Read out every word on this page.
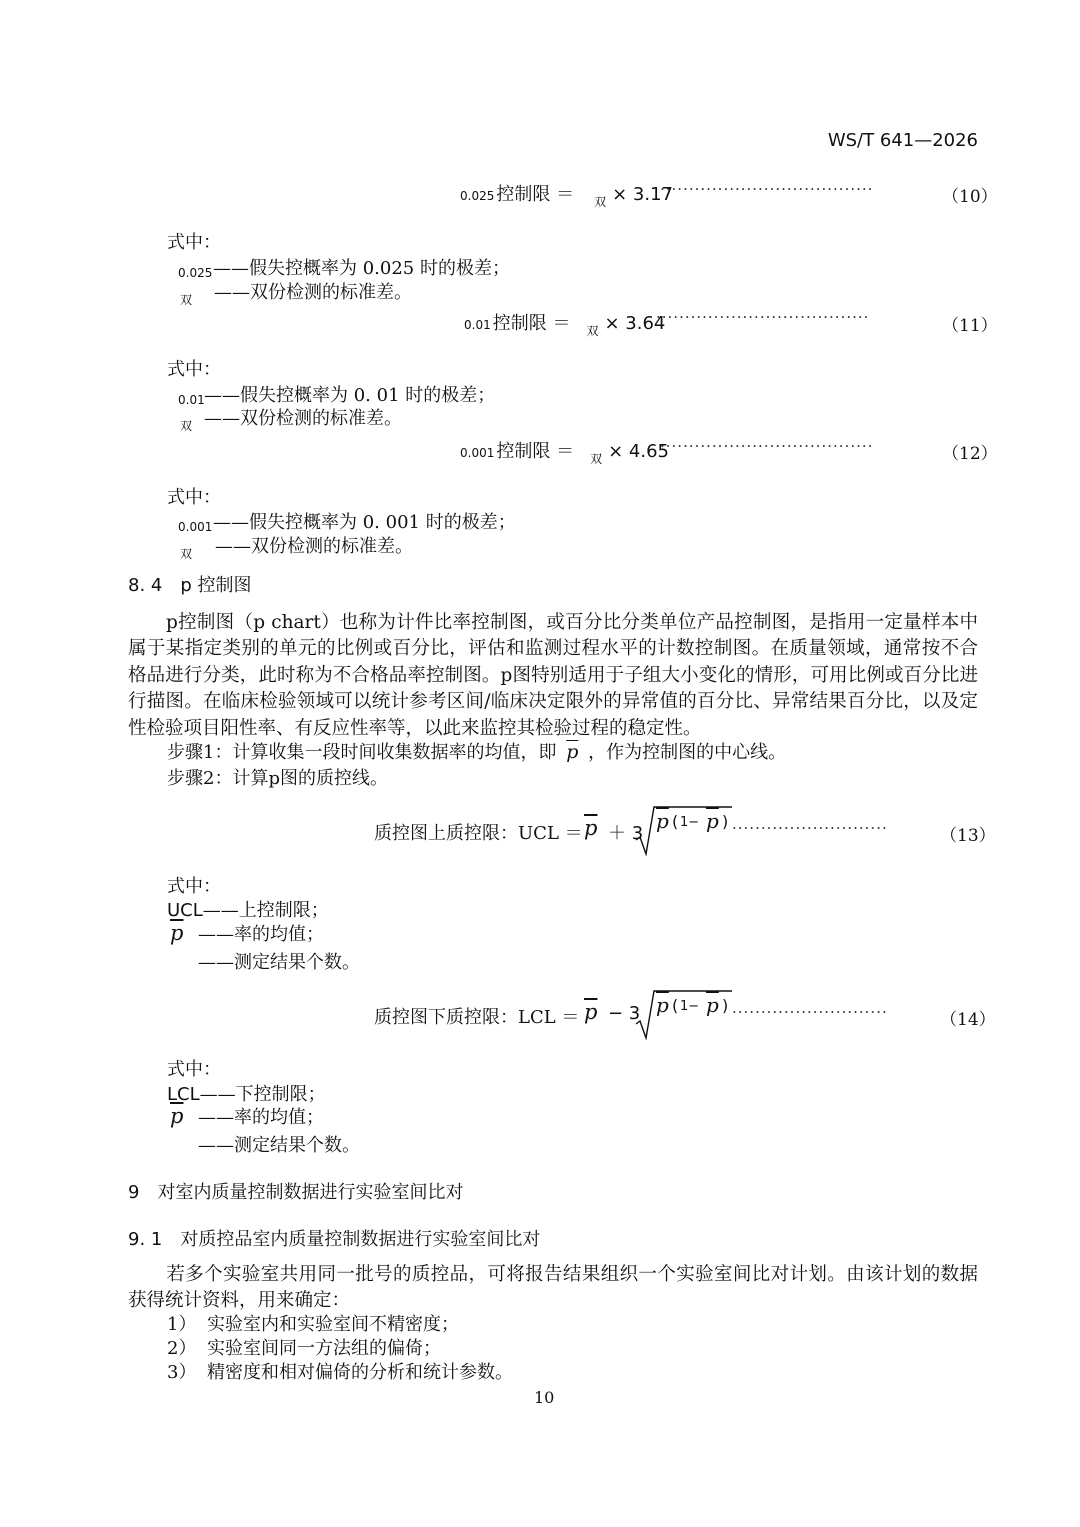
WS/T 641—2026
0.025 控制限 ＝ 双 × 3.17
·····································	（10）
式中：
0.025 ——假失控概率为 0.025 时的极差；
双	——双份检测的标准差。
0.01 控制限 ＝ 双 × 3.64
·····································	（11）
式中：
0.01 ——假失控概率为 0. 01 时的极差；
双 ——双份检测的标准差。
0.001 控制限 ＝ 双 × 4.65
·····································	（12）
式中：
0.001 ——假失控概率为 0. 001 时的极差；
双	——双份检测的标准差。
8. 4　p 控制图
p控制图（p chart）也称为计件比率控制图，或百分比分类单位产品控制图，是指用一定量样本中属于某指定类别的单元的比例或百分比，评估和监测过程水平的计数控制图。在质量领域，通常按不合格品进行分类，此时称为不合格品率控制图。p图特别适用于子组大小变化的情形，可用比例或百分比进行描图。在临床检验领域可以统计参考区间/临床决定限外的异常值的百分比、异常结果百分比，以及定性检验项目阳性率、有反应性率等，以此来监控其检验过程的稳定性。
步骤1：计算收集一段时间收集数据率的均值，即 $\overline{p}$ ，作为控制图的中心线。
步骤2：计算p图的质控线。
质控图上质控限：UCL ＝ $\overline{p} + 3$
$\overline{p}$ ( $1- \overline{p}$ ) ···························	（13）
式中：
UCL ——上控制限；
$\overline{p}$ ——率的均值；
——测定结果个数。
质控图下质控限：LCL ＝ $\overline{p} - 3$ $\overline{p}$ ( $1- \overline{p}$ ) ···························	（14）
式中：
LCL ——下控制限；
$\overline{p}$ ——率的均值；
——测定结果个数。
9　对室内质量控制数据进行实验室间比对
9. 1　对质控品室内质量控制数据进行实验室间比对
若多个实验室共用同一批号的质控品，可将报告结果组织一个实验室间比对计划。由该计划的数据获得统计资料，用来确定：
1） 实验室内和实验室间不精密度；
2） 实验室间同一方法组的偏倚；
3） 精密度和相对偏倚的分析和统计参数。
10
